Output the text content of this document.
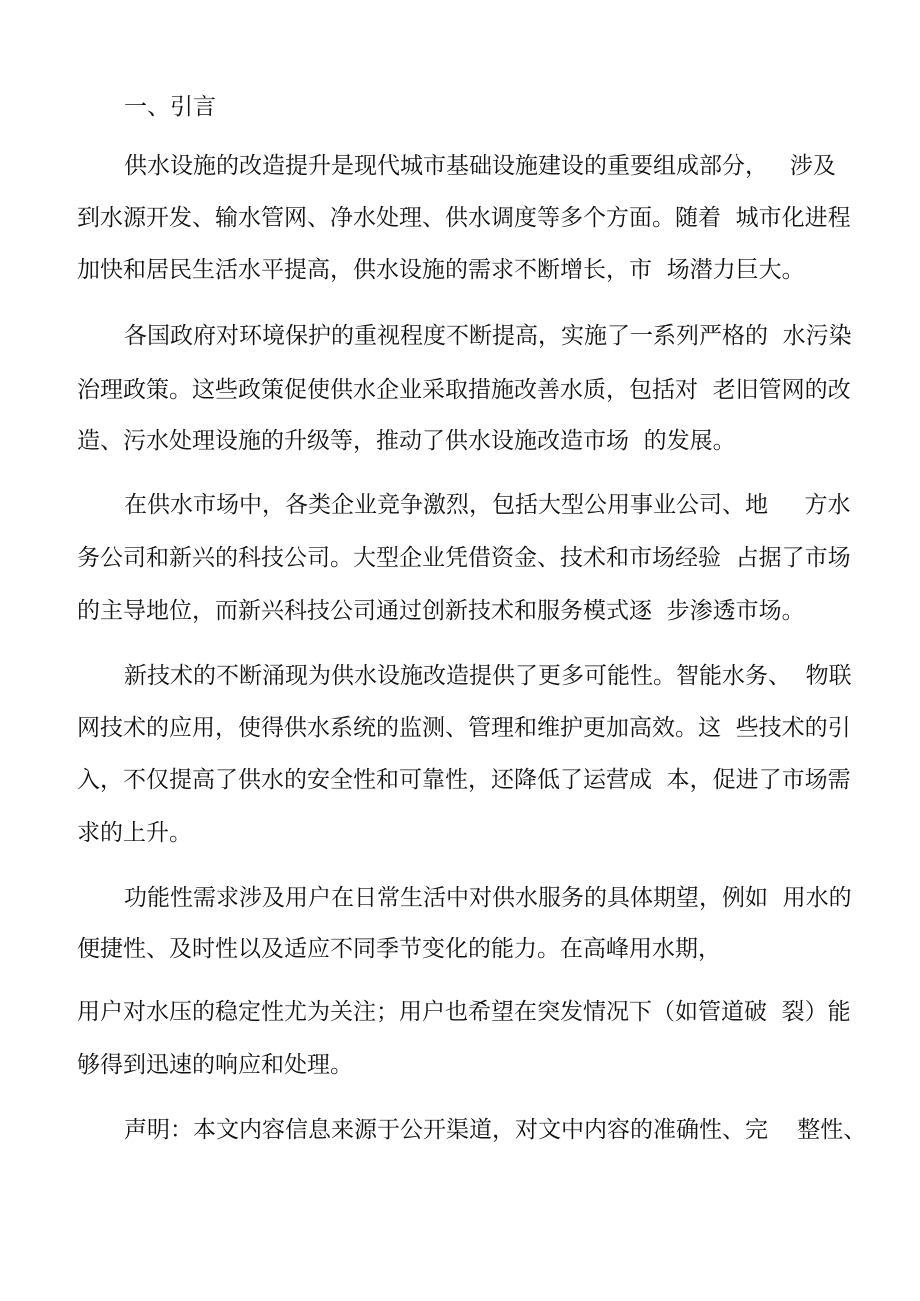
一、引言
供水设施的改造提升是现代城市基础设施建设的重要组成部分，   涉及
到水源开发、输水管网、净水处理、供水调度等多个方面。随着  城市化进程
加快和居民生活水平提高，供水设施的需求不断增长，市  场潜力巨大。
各国政府对环境保护的重视程度不断提高，实施了一系列严格的  水污染
治理政策。这些政策促使供水企业采取措施改善水质，包括对  老旧管网的改
造、污水处理设施的升级等，推动了供水设施改造市场  的发展。
在供水市场中，各类企业竞争激烈，包括大型公用事业公司、地     方水
务公司和新兴的科技公司。大型企业凭借资金、技术和市场经验  占据了市场
的主导地位，而新兴科技公司通过创新技术和服务模式逐  步渗透市场。
新技术的不断涌现为供水设施改造提供了更多可能性。智能水务、  物联
网技术的应用，使得供水系统的监测、管理和维护更加高效。这  些技术的引
入，不仅提高了供水的安全性和可靠性，还降低了运营成  本，促进了市场需
求的上升。
功能性需求涉及用户在日常生活中对供水服务的具体期望，例如  用水的
便捷性、及时性以及适应不同季节变化的能力。在高峰用水期，
用户对水压的稳定性尤为关注；用户也希望在突发情况下（如管道破  裂）能
够得到迅速的响应和处理。
声明：本文内容信息来源于公开渠道，对文中内容的准确性、完    整性、
